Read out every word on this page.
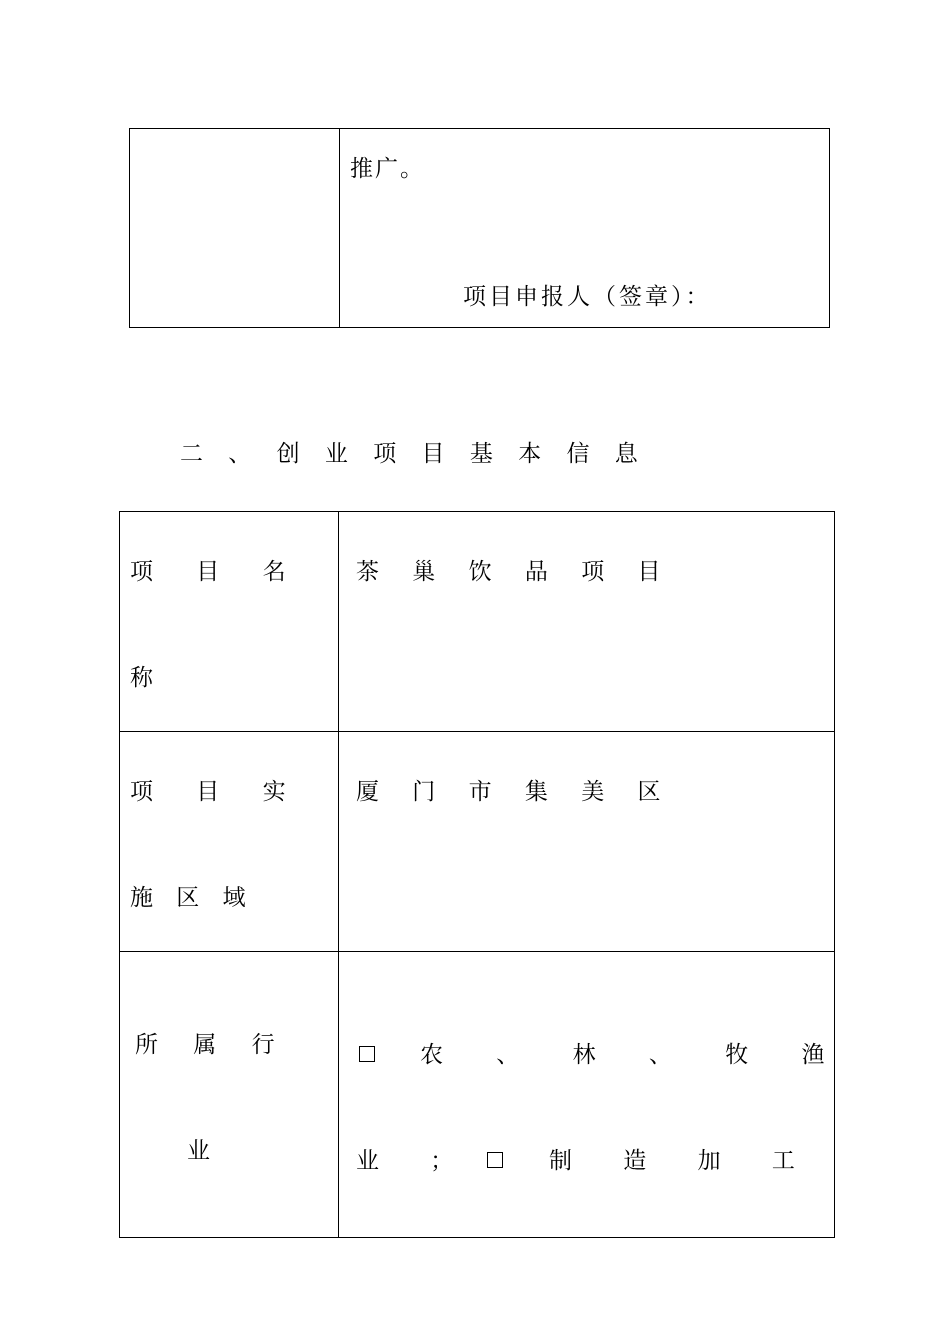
推广。
项目申报人（签章）：
二 、 创 业 项 目 基 本 信 息
项 目 名
称
茶 巢 饮 品 项 目
项 目 实
施 区 域
厦 门 市 集 美 区
所 属 行
业
农 、 林 、 牧 渔
业 ；	制 造 加 工
